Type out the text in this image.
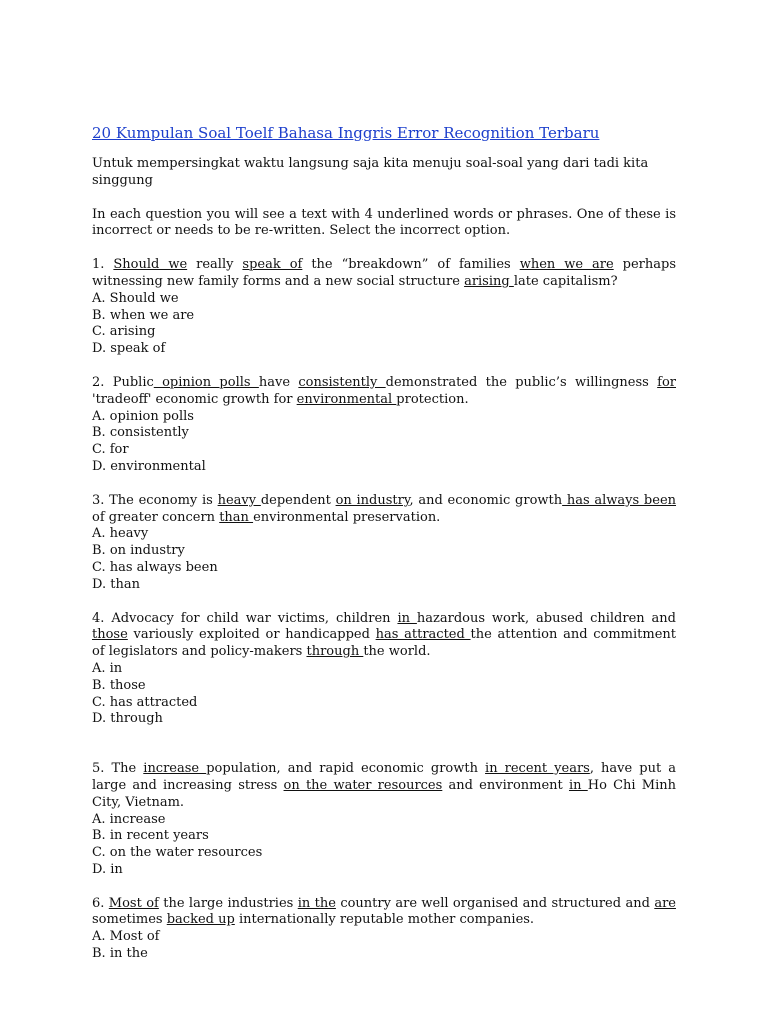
20 Kumpulan Soal Toelf Bahasa Inggris Error Recognition Terbaru

Untuk mempersingkat waktu langsung saja kita menuju soal-soal yang dari tadi kita singgung

In each question you will see a text with 4 underlined words or phrases. One of these is incorrect or needs to be re-written. Select the incorrect option.

1. Should we really speak of the “breakdown” of families when we are perhaps witnessing new family forms and a new social structure arising late capitalism?
A. Should we
B. when we are
C. arising
D. speak of
2. Public opinion polls have consistently demonstrated the public’s willingness for 'tradeoff' economic growth for environmental protection.
A. opinion polls
B. consistently
C. for
D. environmental
3. The economy is heavy dependent on industry, and economic growth has always been of greater concern than environmental preservation.
A. heavy
B. on industry
C. has always been
D. than
4. Advocacy for child war victims, children in hazardous work, abused children and those variously exploited or handicapped has attracted the attention and commitment of legislators and policy-makers through the world.
A. in
B. those
C. has attracted
D. through
5. The increase population, and rapid economic growth in recent years, have put a large and increasing stress on the water resources and environment in Ho Chi Minh City, Vietnam.
A. increase
B. in recent years
C. on the water resources
D. in
6. Most of the large industries in the country are well organised and structured and are sometimes backed up internationally reputable mother companies.
A. Most of
B. in the
